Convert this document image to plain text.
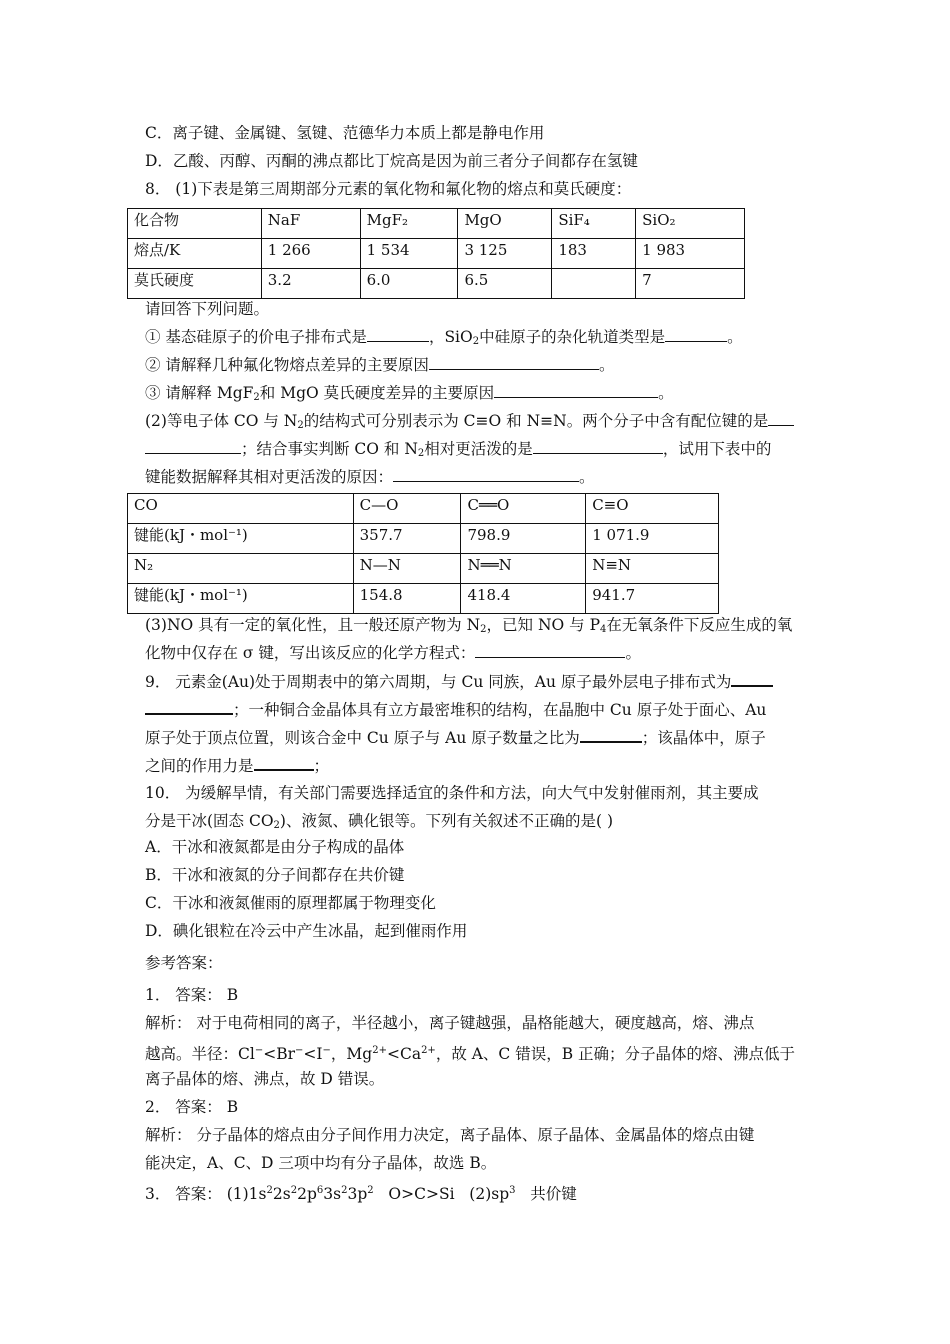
C．离子键、金属键、氢键、范德华力本质上都是静电作用
D．乙酸、丙醇、丙酮的沸点都比丁烷高是因为前三者分子间都存在氢键
8． (1)下表是第三周期部分元素的氧化物和氟化物的熔点和莫氏硬度：
化合物	NaF	MgF₂	MgO	SiF₄	SiO₂
熔点/K	1 266	1 534	3 125	183	1 983
莫氏硬度	3.2	6.0	6.5		7
请回答下列问题。
① 基态硅原子的价电子排布式是	，SiO$_2$中硅原子的杂化轨道类型是	。
② 请解释几种氟化物熔点差异的主要原因	。
③ 请解释 MgF$_2$和 MgO 莫氏硬度差异的主要原因	。
(2)等电子体 CO 与 $N_2$的结构式可分别表示为 C≡O 和 N≡N。两个分子中含有配位键的是
；结合事实判断 CO 和 $N_2$相对更活泼的是	，试用下表中的
键能数据解释其相对更活泼的原因：	。
CO	C—O	C══O	C≡O
键能(kJ・mol⁻¹)	357.7	798.9	1 071.9
N₂	N—N	N══N	N≡N
键能(kJ・mol⁻¹)	154.8	418.4	941.7
(3)NO 具有一定的氧化性，且一般还原产物为 $N_2$，已知 NO 与 $P_4$在无氧条件下反应生成的氧
化物中仅存在 σ 键，写出该反应的化学方程式：	。
9． 元素金(Au)处于周期表中的第六周期，与 Cu 同族，Au 原子最外层电子排布式为
；一种铜合金晶体具有立方最密堆积的结构，在晶胞中 Cu 原子处于面心、Au
原子处于顶点位置，则该合金中 Cu 原子与 Au 原子数量之比为	；该晶体中，原子
之间的作用力是	；
10． 为缓解旱情，有关部门需要选择适宜的条件和方法，向大气中发射催雨剂，其主要成
分是干冰(固态 $CO_2$)、液氮、碘化银等。下列有关叙述不正确的是( )
A．干冰和液氮都是由分子构成的晶体
B．干冰和液氮的分子间都存在共价键
C．干冰和液氮催雨的原理都属于物理变化
D．碘化银粒在冷云中产生冰晶，起到催雨作用
参考答案：
1． 答案： B
解析： 对于电荷相同的离子，半径越小，离子键越强，晶格能越大，硬度越高，熔、沸点
越高。半径：Cl−<Br−<I−，$Mg^{2+}<Ca^{2+}$，故 A、C 错误，B 正确；分子晶体的熔、沸点低于
离子晶体的熔、沸点，故 D 错误。
2． 答案： B
解析： 分子晶体的熔点由分子间作用力决定，离子晶体、原子晶体、金属晶体的熔点由键
能决定，A、C、D 三项中均有分子晶体，故选 B。
3． 答案： $(1)1s^22s^22p^63s^23p^2$   O>C>Si   $(2)sp^3$   共价键
